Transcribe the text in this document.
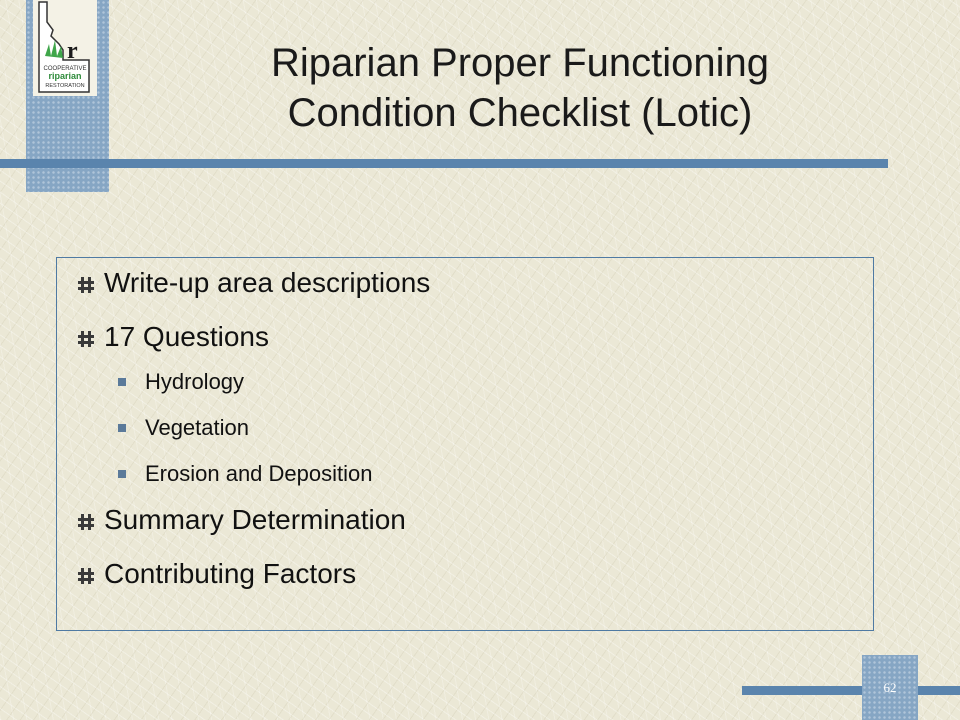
r
COOPERATIVE
riparian
RESTORATION
Riparian Proper Functioning
Condition Checklist (Lotic)
Write-up area descriptions
17 Questions
Hydrology
Vegetation
Erosion and Deposition
Summary Determination
Contributing Factors
62
